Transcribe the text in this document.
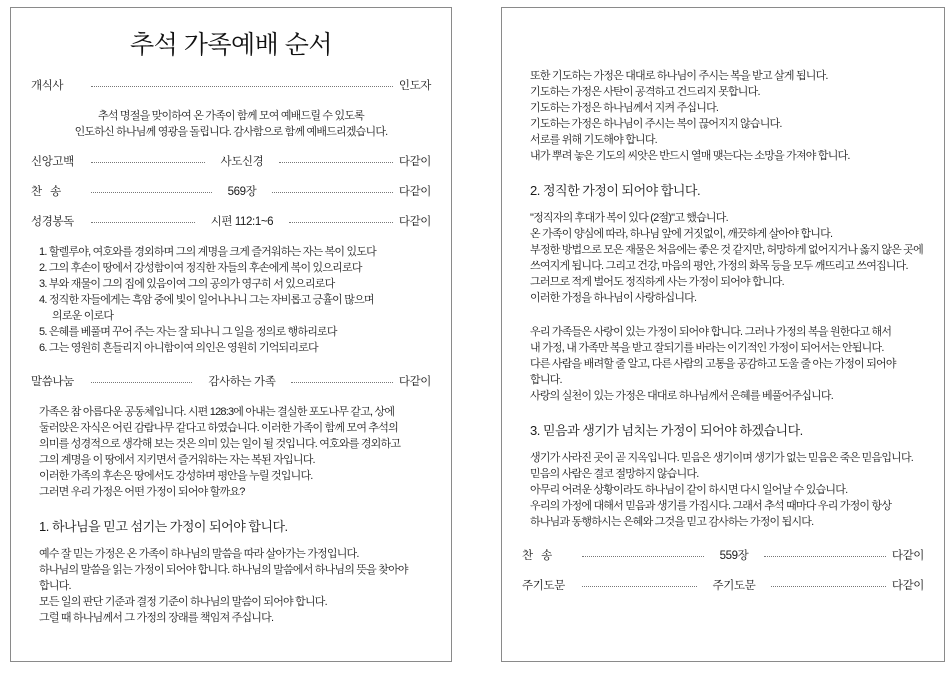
추석 가족예배 순서
개식사	인도자
추석 명절을 맞이하여 온 가족이 함께 모여 예배드릴 수 있도록
인도하신 하나님께 영광을 돌립니다. 감사함으로 함께 예배드리겠습니다.
신앙고백	사도신경	다같이
찬   송	569장	다같이
성경봉독	시편 112:1~6	다같이
1. 할렐루야, 여호와를 경외하며 그의 계명을 크게 즐거워하는 자는 복이 있도다
2. 그의 후손이 땅에서 강성함이여 정직한 자들의 후손에게 복이 있으리로다
3. 부와 재물이 그의 집에 있음이여 그의 공의가 영구히 서 있으리로다
4. 정직한 자들에게는 흑암 중에 빛이 일어나나니 그는 자비롭고 긍휼이 많으며
의로운 이로다
5. 은혜를 베풀며 꾸어 주는 자는 잘 되나니 그 일을 정의로 행하리로다
6. 그는 영원히 흔들리지 아니함이여 의인은 영원히 기억되리로다
말씀나눔	감사하는 가족	다같이
가족은 참 아름다운 공동체입니다. 시편 128:3에 아내는 결실한 포도나무 같고, 상에
둘러앉은 자식은 어린 감람나무 같다고 하였습니다. 이러한 가족이 함께 모여 추석의
의미를 성경적으로 생각해 보는 것은 의미 있는 일이 될 것입니다. 여호와를 경외하고
그의 계명을 이 땅에서 지키면서 즐거워하는 자는 복된 자입니다.
이러한 가족의 후손은 땅에서도 강성하며 평안을 누릴 것입니다.
그러면 우리 가정은 어떤 가정이 되어야 할까요?
1. 하나님을 믿고 섬기는 가정이 되어야 합니다.
예수 잘 믿는 가정은 온 가족이 하나님의 말씀을 따라 살아가는 가정입니다.
하나님의 말씀을 읽는 가정이 되어야 합니다. 하나님의 말씀에서 하나님의 뜻을 찾아야 합니다.
모든 일의 판단 기준과 결정 기준이 하나님의 말씀이 되어야 합니다.
그럴 때 하나님께서 그 가정의 장래를 책임져 주십니다.
또한 기도하는 가정은 대대로 하나님이 주시는 복을 받고 살게 됩니다.
기도하는 가정은 사탄이 공격하고 건드리지 못합니다.
기도하는 가정은 하나님께서 지켜 주십니다.
기도하는 가정은 하나님이 주시는 복이 끊어지지 않습니다.
서로를 위해 기도해야 합니다.
내가 뿌려 놓은 기도의 씨앗은 반드시 열매 맺는다는 소망을 가져야 합니다.
2. 정직한 가정이 되어야 합니다.
"정직자의 후대가 복이 있다 (2절)"고 했습니다.
온 가족이 양심에 따라, 하나님 앞에 거짓없이, 깨끗하게 살아야 합니다.
부정한 방법으로 모은 재물은 처음에는 좋은 것 같지만, 허망하게 없어지거나 옳지 않은 곳에
쓰여지게 됩니다. 그리고 건강, 마음의 평안, 가정의 화목 등을 모두 깨뜨리고 쓰여집니다.
그러므로 적게 벌어도 정직하게 사는 가정이 되어야 합니다.
이러한 가정을 하나님이 사랑하십니다.
우리 가족들은 사랑이 있는 가정이 되어야 합니다. 그러나 가정의 복을 원한다고 해서
내 가정, 내 가족만 복을 받고 잘되기를 바라는 이기적인 가정이 되어서는 안됩니다.
다른 사람을 배려할 줄 알고, 다른 사람의 고통을 공감하고 도울 줄 아는 가정이 되어야 합니다.
사랑의 실천이 있는 가정은 대대로 하나님께서 은혜를 베풀어주십니다.
3. 믿음과 생기가 넘치는 가정이 되어야 하겠습니다.
생기가 사라진 곳이 곧 지옥입니다. 믿음은 생기이며 생기가 없는 믿음은 죽은 믿음입니다.
믿음의 사람은 결코 절망하지 않습니다.
아무리 어려운 상황이라도 하나님이 같이 하시면 다시 일어날 수 있습니다.
우리의 가정에 대해서 믿음과 생기를 가집시다. 그래서 추석 때마다 우리 가정이 항상
하나님과 동행하시는 은혜와 그것을 믿고 감사하는 가정이 됩시다.
찬   송	559장	다같이
주기도문	주기도문	다같이
